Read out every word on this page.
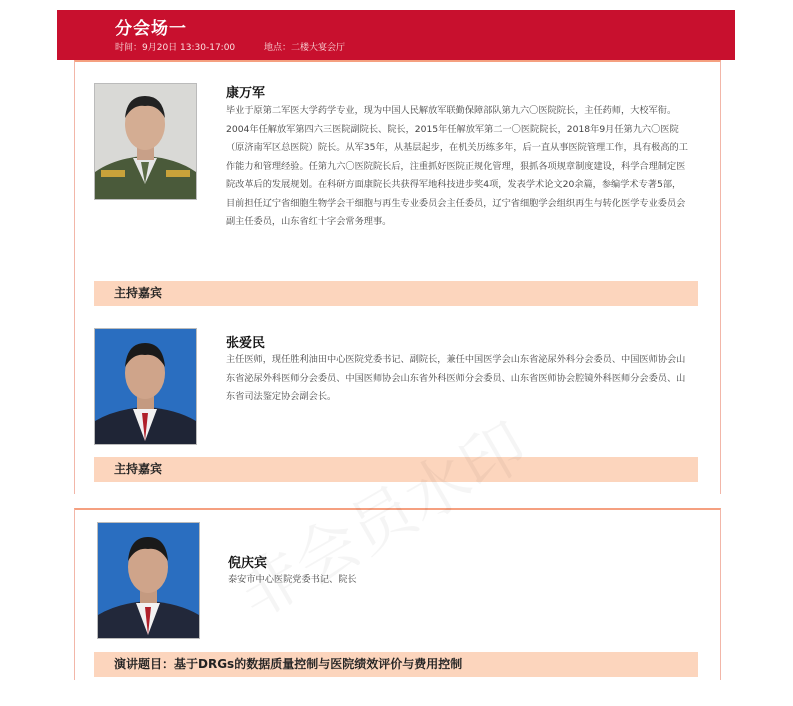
分会场一
时间：9月20日 13:30-17:00	地点：二楼大宴会厅
康万军
毕业于原第二军医大学药学专业，现为中国人民解放军联勤保障部队第九六〇医院院长，主任药师，大校军衔。2004年任解放军第四六三医院副院长、院长，2015年任解放军第二一〇医院院长，2018年9月任第九六〇医院（原济南军区总医院）院长。从军35年，从基层起步，在机关历练多年，后一直从事医院管理工作，具有极高的工作能力和管理经验。任第九六〇医院院长后，注重抓好医院正规化管理，狠抓各项规章制度建设，科学合理制定医院改革后的发展规划。在科研方面康院长共获得军地科技进步奖4项，发表学术论文20余篇，参编学术专著5部，目前担任辽宁省细胞生物学会干细胞与再生专业委员会主任委员，辽宁省细胞学会组织再生与转化医学专业委员会副主任委员，山东省红十字会常务理事。
主持嘉宾
张爱民
主任医师，现任胜利油田中心医院党委书记、副院长，兼任中国医学会山东省泌尿外科分会委员、中国医师协会山东省泌尿外科医师分会委员、中国医师协会山东省外科医师分会委员、山东省医师协会腔镜外科医师分会委员、山东省司法鉴定协会副会长。
主持嘉宾
倪庆宾
泰安市中心医院党委书记、院长
演讲题目：基于DRGs的数据质量控制与医院绩效评价与费用控制
